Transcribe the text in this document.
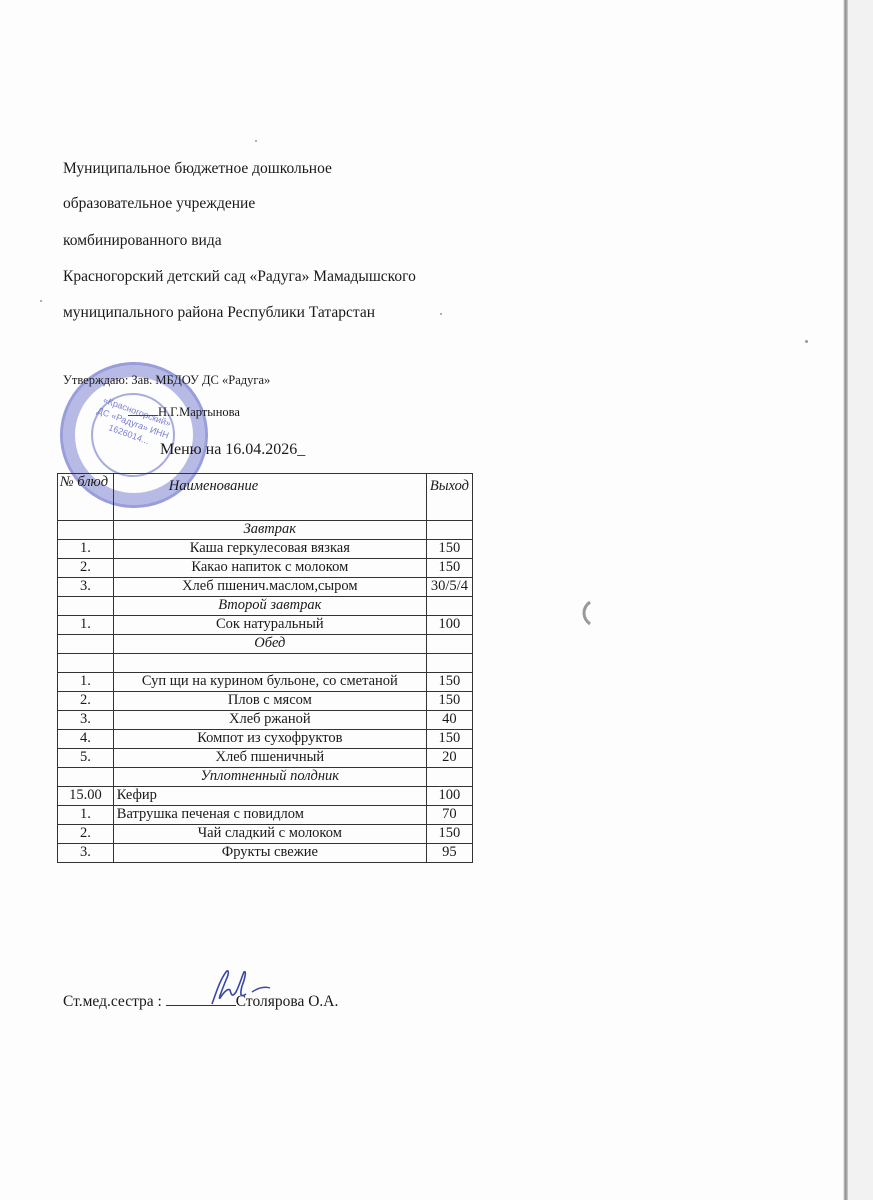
Муниципальное бюджетное дошкольное
образовательное учреждение
комбинированного вида
Красногорский детский сад «Радуга» Мамадышского
муниципального района Республики Татарстан
«Красногорский» ДС «Радуга» ИНН 1626014...
Утверждаю: Зав. МБДОУ ДС «Радуга»
Н.Г.Мартынова
Меню на 16.04.2026_
№ блюд	Наименование	Выход
	Завтрак	
1.	Каша геркулесовая вязкая	150
2.	Какао напиток с молоком	150
3.	Хлеб пшенич.маслом,сыром	30/5/4
	Второй завтрак	
1.	Сок натуральный	100
	Обед	

1.	Суп щи на курином бульоне, со сметаной	150
2.	Плов с мясом	150
3.	Хлеб ржаной	40
4.	Компот из сухофруктов	150
5.	Хлеб пшеничный	20
	Уплотненный полдник	
15.00	Кефир	100
1.	Ватрушка печеная с повидлом	70
2.	Чай сладкий с молоком	150
3.	Фрукты свежие	95
Ст.мед.сестра :	Столярова О.А.
